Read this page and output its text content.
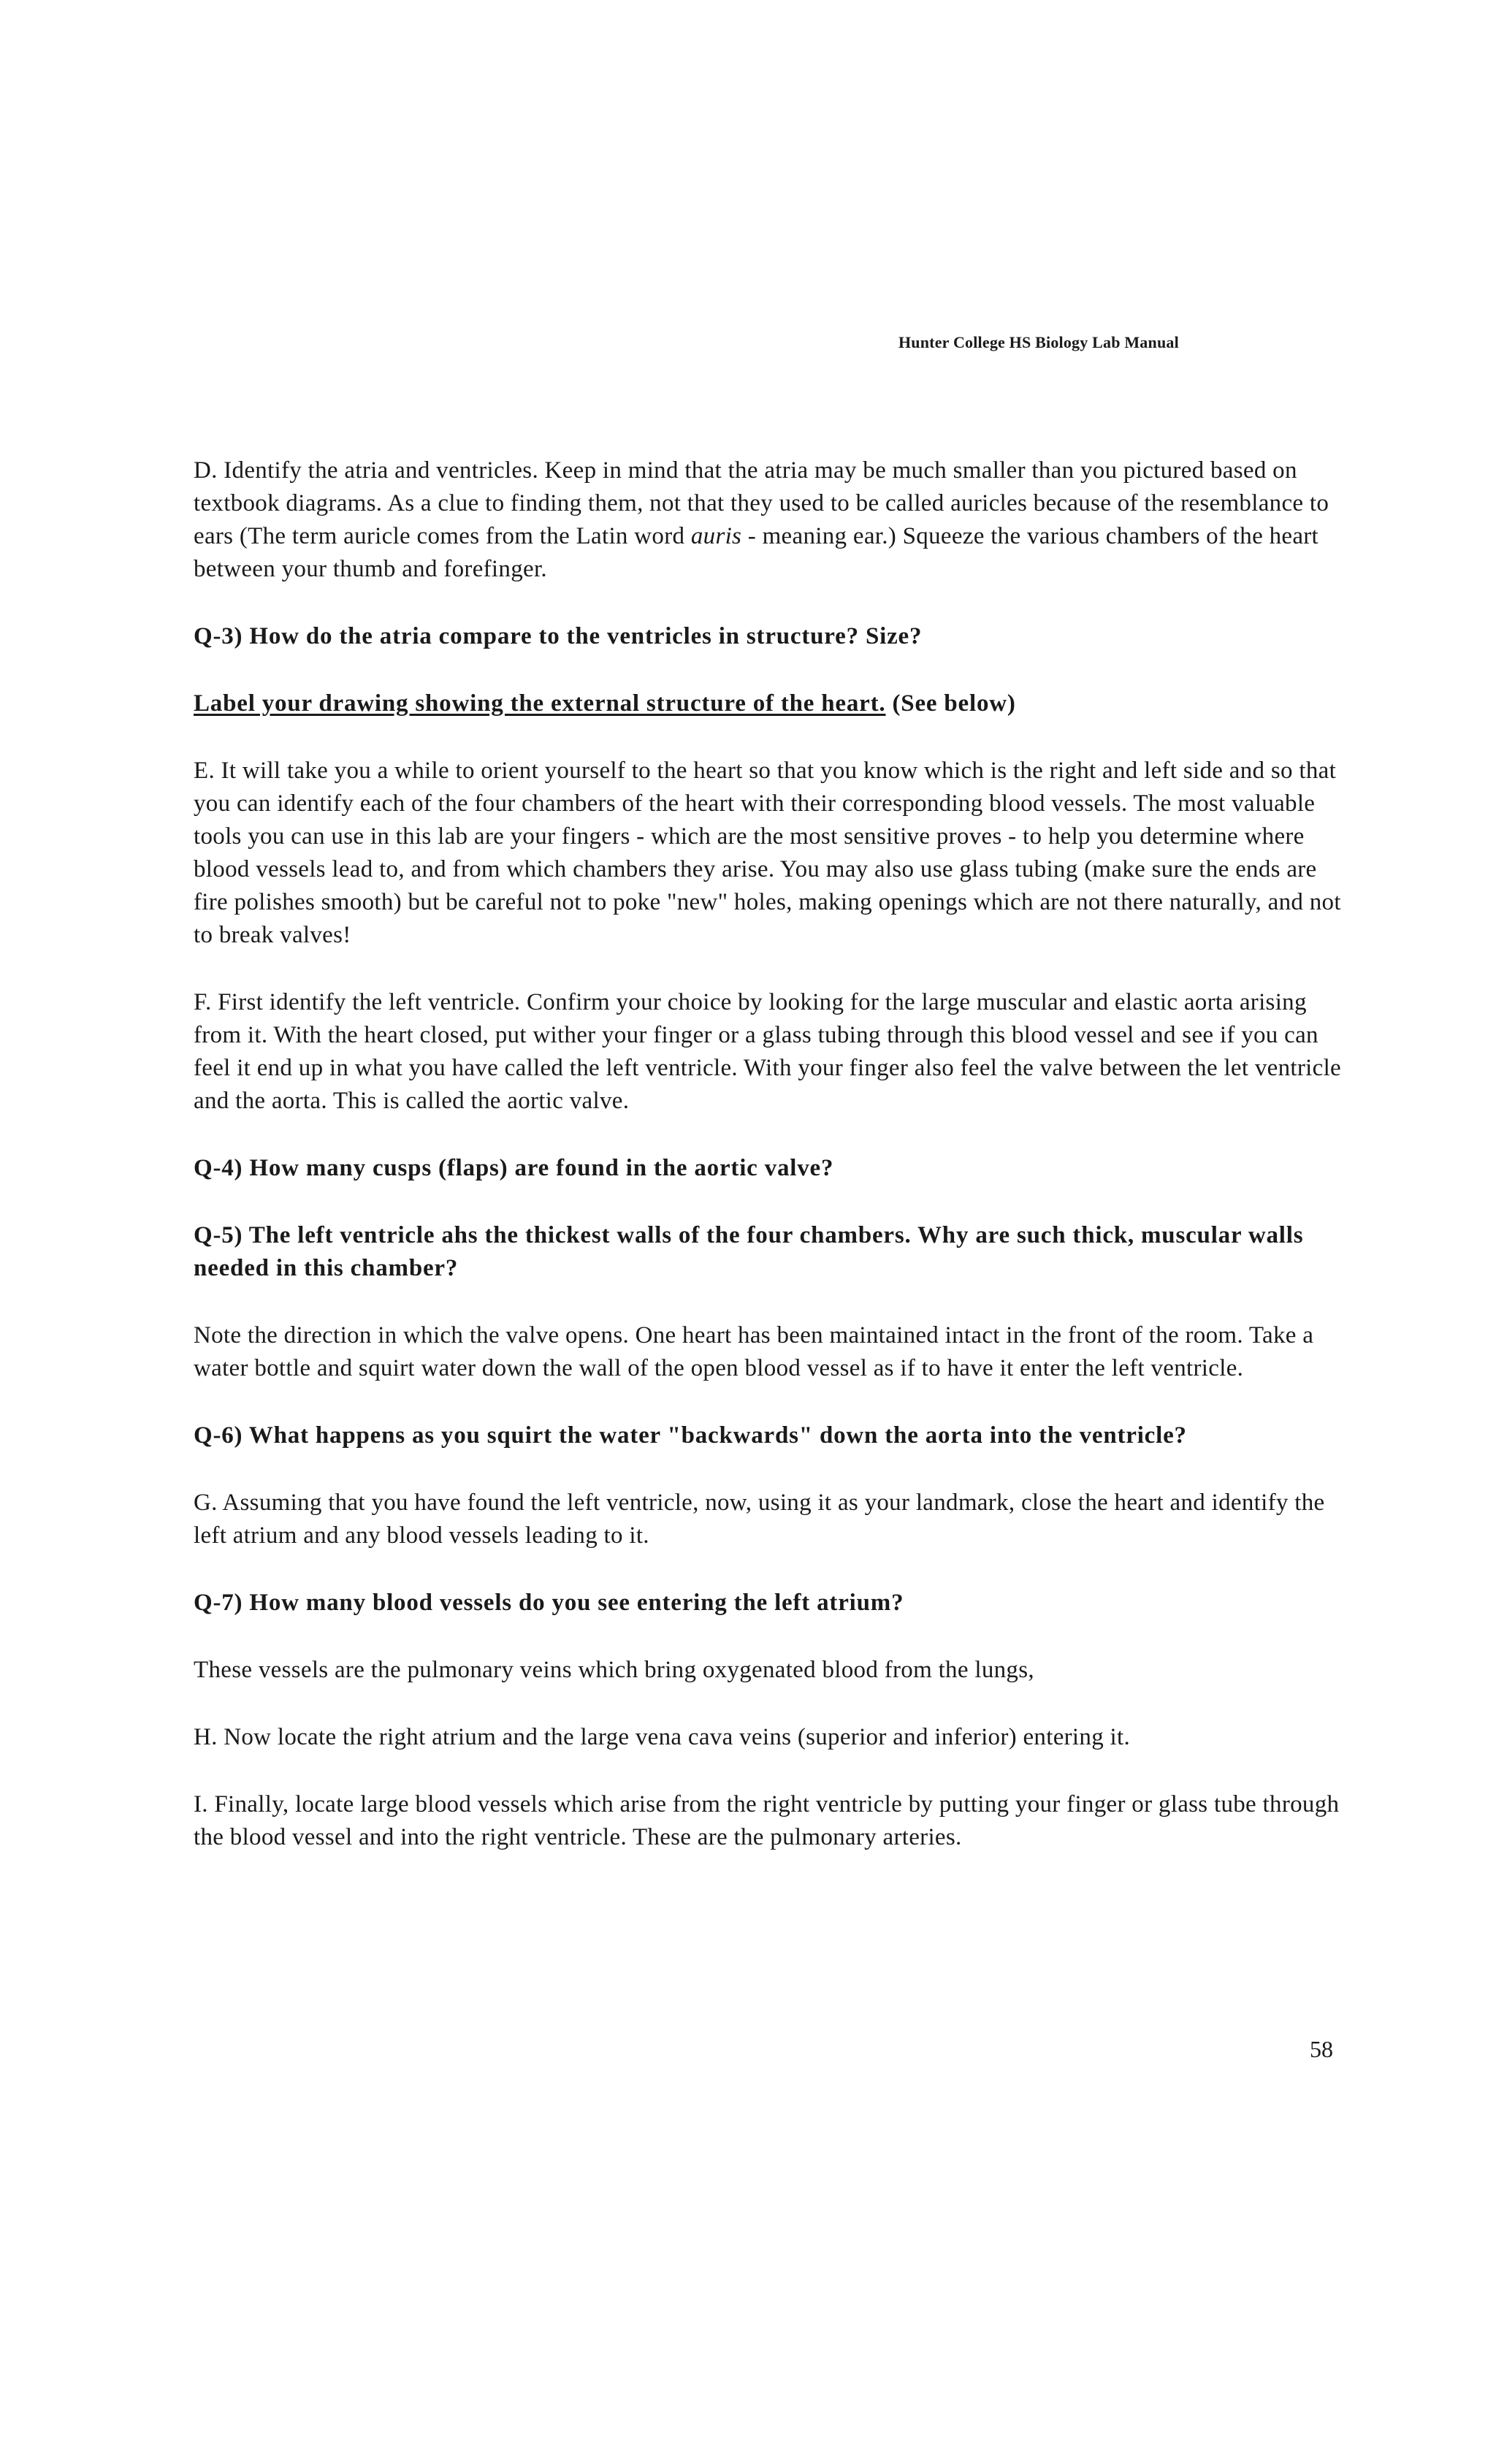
Hunter College HS Biology Lab Manual

D. Identify the atria and ventricles. Keep in mind that the atria may be much smaller than you pictured based on textbook diagrams. As a clue to finding them, not that they used to be called auricles because of the resemblance to ears (The term auricle comes from the Latin word auris - meaning ear.) Squeeze the various chambers of the heart between your thumb and forefinger.

Q-3) How do the atria compare to the ventricles in structure? Size?

Label your drawing showing the external structure of the heart. (See below)

E. It will take you a while to orient yourself to the heart so that you know which is the right and left side and so that you can identify each of the four chambers of the heart with their corresponding blood vessels. The most valuable tools you can use in this lab are your fingers - which are the most sensitive proves - to help you determine where blood vessels lead to, and from which chambers they arise. You may also use glass tubing (make sure the ends are fire polishes smooth) but be careful not to poke "new" holes, making openings which are not there naturally, and not to break valves!

F. First identify the left ventricle. Confirm your choice by looking for the large muscular and elastic aorta arising from it. With the heart closed, put wither your finger or a glass tubing through this blood vessel and see if you can feel it end up in what you have called the left ventricle. With your finger also feel the valve between the let ventricle and the aorta. This is called the aortic valve.

Q-4) How many cusps (flaps) are found in the aortic valve?

Q-5) The left ventricle ahs the thickest walls of the four chambers. Why are such thick, muscular walls needed in this chamber?

Note the direction in which the valve opens. One heart has been maintained intact in the front of the room. Take a water bottle and squirt water down the wall of the open blood vessel as if to have it enter the left ventricle.

Q-6) What happens as you squirt the water "backwards" down the aorta into the ventricle?

G. Assuming that you have found the left ventricle, now, using it as your landmark, close the heart and identify the left atrium and any blood vessels leading to it.

Q-7) How many blood vessels do you see entering the left atrium?

These vessels are the pulmonary veins which bring oxygenated blood from the lungs,

H. Now locate the right atrium and the large vena cava veins (superior and inferior) entering it.

I. Finally, locate large blood vessels which arise from the right ventricle by putting your finger or glass tube through the blood vessel and into the right ventricle. These are the pulmonary arteries.

58
